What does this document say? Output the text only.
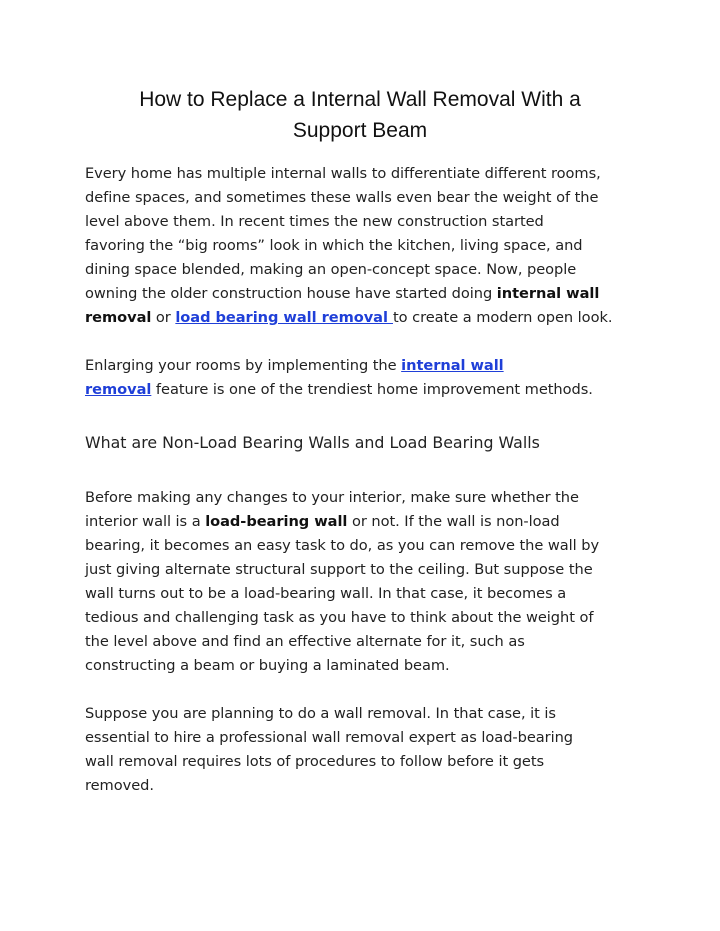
How to Replace a Internal Wall Removal With a
Support Beam

Every home has multiple internal walls to differentiate different rooms,
define spaces, and sometimes these walls even bear the weight of the
level above them. In recent times the new construction started
favoring the “big rooms” look in which the kitchen, living space, and
dining space blended, making an open-concept space. Now, people
owning the older construction house have started doing internal wall
removal or load bearing wall removal to create a modern open look.

Enlarging your rooms by implementing the internal wall
removal feature is one of the trendiest home improvement methods.

What are Non-Load Bearing Walls and Load Bearing Walls

Before making any changes to your interior, make sure whether the
interior wall is a load-bearing wall or not. If the wall is non-load
bearing, it becomes an easy task to do, as you can remove the wall by
just giving alternate structural support to the ceiling. But suppose the
wall turns out to be a load-bearing wall. In that case, it becomes a
tedious and challenging task as you have to think about the weight of
the level above and find an effective alternate for it, such as
constructing a beam or buying a laminated beam.

Suppose you are planning to do a wall removal. In that case, it is
essential to hire a professional wall removal expert as load-bearing
wall removal requires lots of procedures to follow before it gets
removed.
